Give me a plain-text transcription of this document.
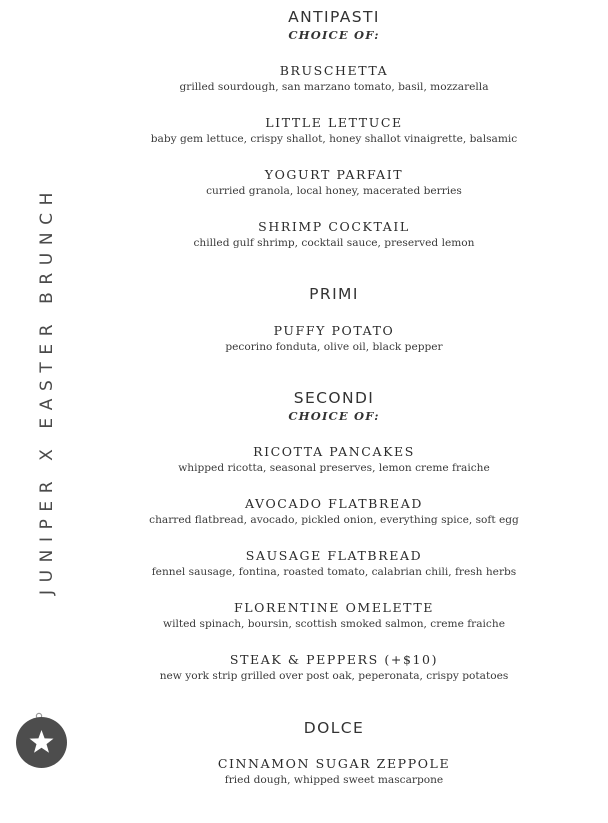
JUNIPER X EASTER BRUNCH
ANTIPASTI
CHOICE OF:
BRUSCHETTA
grilled sourdough, san marzano tomato, basil, mozzarella
LITTLE LETTUCE
baby gem lettuce, crispy shallot, honey shallot vinaigrette, balsamic
YOGURT PARFAIT
curried granola, local honey, macerated berries
SHRIMP COCKTAIL
chilled gulf shrimp, cocktail sauce, preserved lemon
PRIMI
PUFFY POTATO
pecorino fonduta, olive oil, black pepper
SECONDI
CHOICE OF:
RICOTTA PANCAKES
whipped ricotta, seasonal preserves, lemon creme fraiche
AVOCADO FLATBREAD
charred flatbread, avocado, pickled onion, everything spice, soft egg
SAUSAGE FLATBREAD
fennel sausage, fontina, roasted tomato, calabrian chili, fresh herbs
FLORENTINE OMELETTE
wilted spinach, boursin, scottish smoked salmon, creme fraiche
STEAK & PEPPERS (+$10)
new york strip grilled over post oak, peperonata, crispy potatoes
DOLCE
CINNAMON SUGAR ZEPPOLE
fried dough, whipped sweet mascarpone
